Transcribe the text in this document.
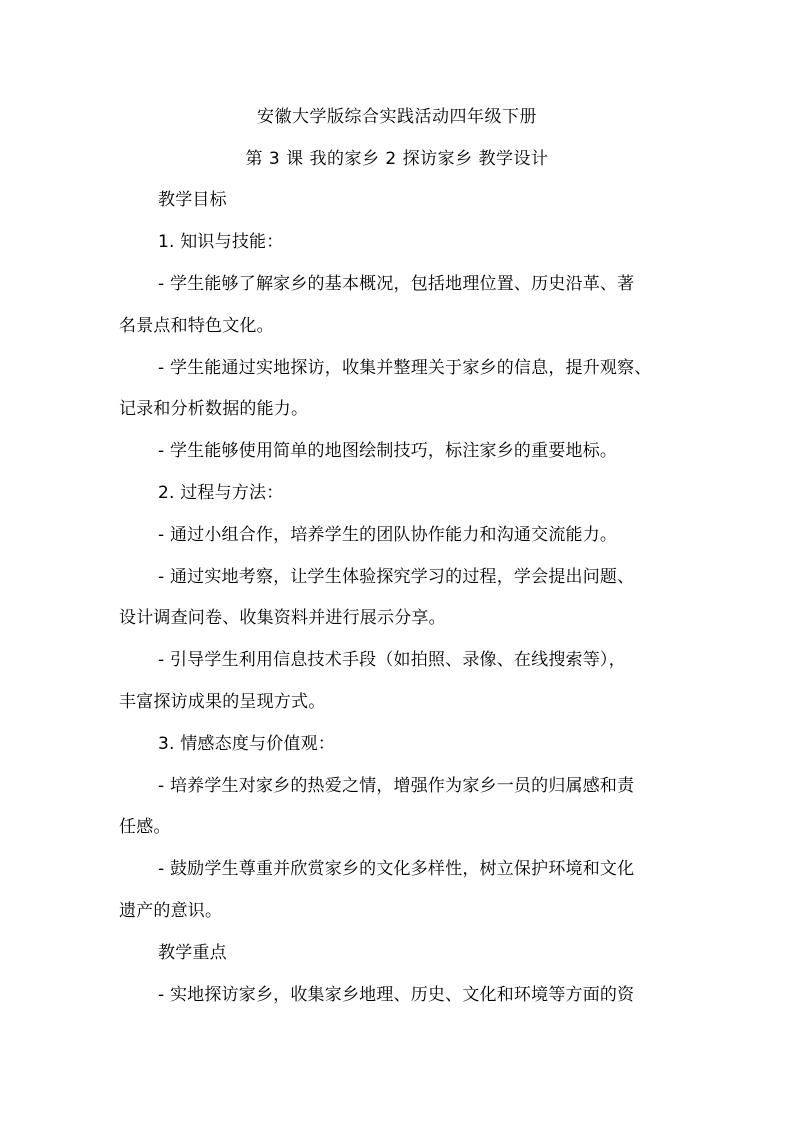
安徽大学版综合实践活动四年级下册
第 3 课 我的家乡 2 探访家乡 教学设计
教学目标
1. 知识与技能：
- 学生能够了解家乡的基本概况，包括地理位置、历史沿革、著
名景点和特色文化。
- 学生能通过实地探访，收集并整理关于家乡的信息，提升观察、
记录和分析数据的能力。
- 学生能够使用简单的地图绘制技巧，标注家乡的重要地标。
2. 过程与方法：
- 通过小组合作，培养学生的团队协作能力和沟通交流能力。
- 通过实地考察，让学生体验探究学习的过程，学会提出问题、
设计调查问卷、收集资料并进行展示分享。
- 引导学生利用信息技术手段（如拍照、录像、在线搜索等），
丰富探访成果的呈现方式。
3. 情感态度与价值观：
- 培养学生对家乡的热爱之情，增强作为家乡一员的归属感和责
任感。
- 鼓励学生尊重并欣赏家乡的文化多样性，树立保护环境和文化
遗产的意识。
教学重点
- 实地探访家乡，收集家乡地理、历史、文化和环境等方面的资
